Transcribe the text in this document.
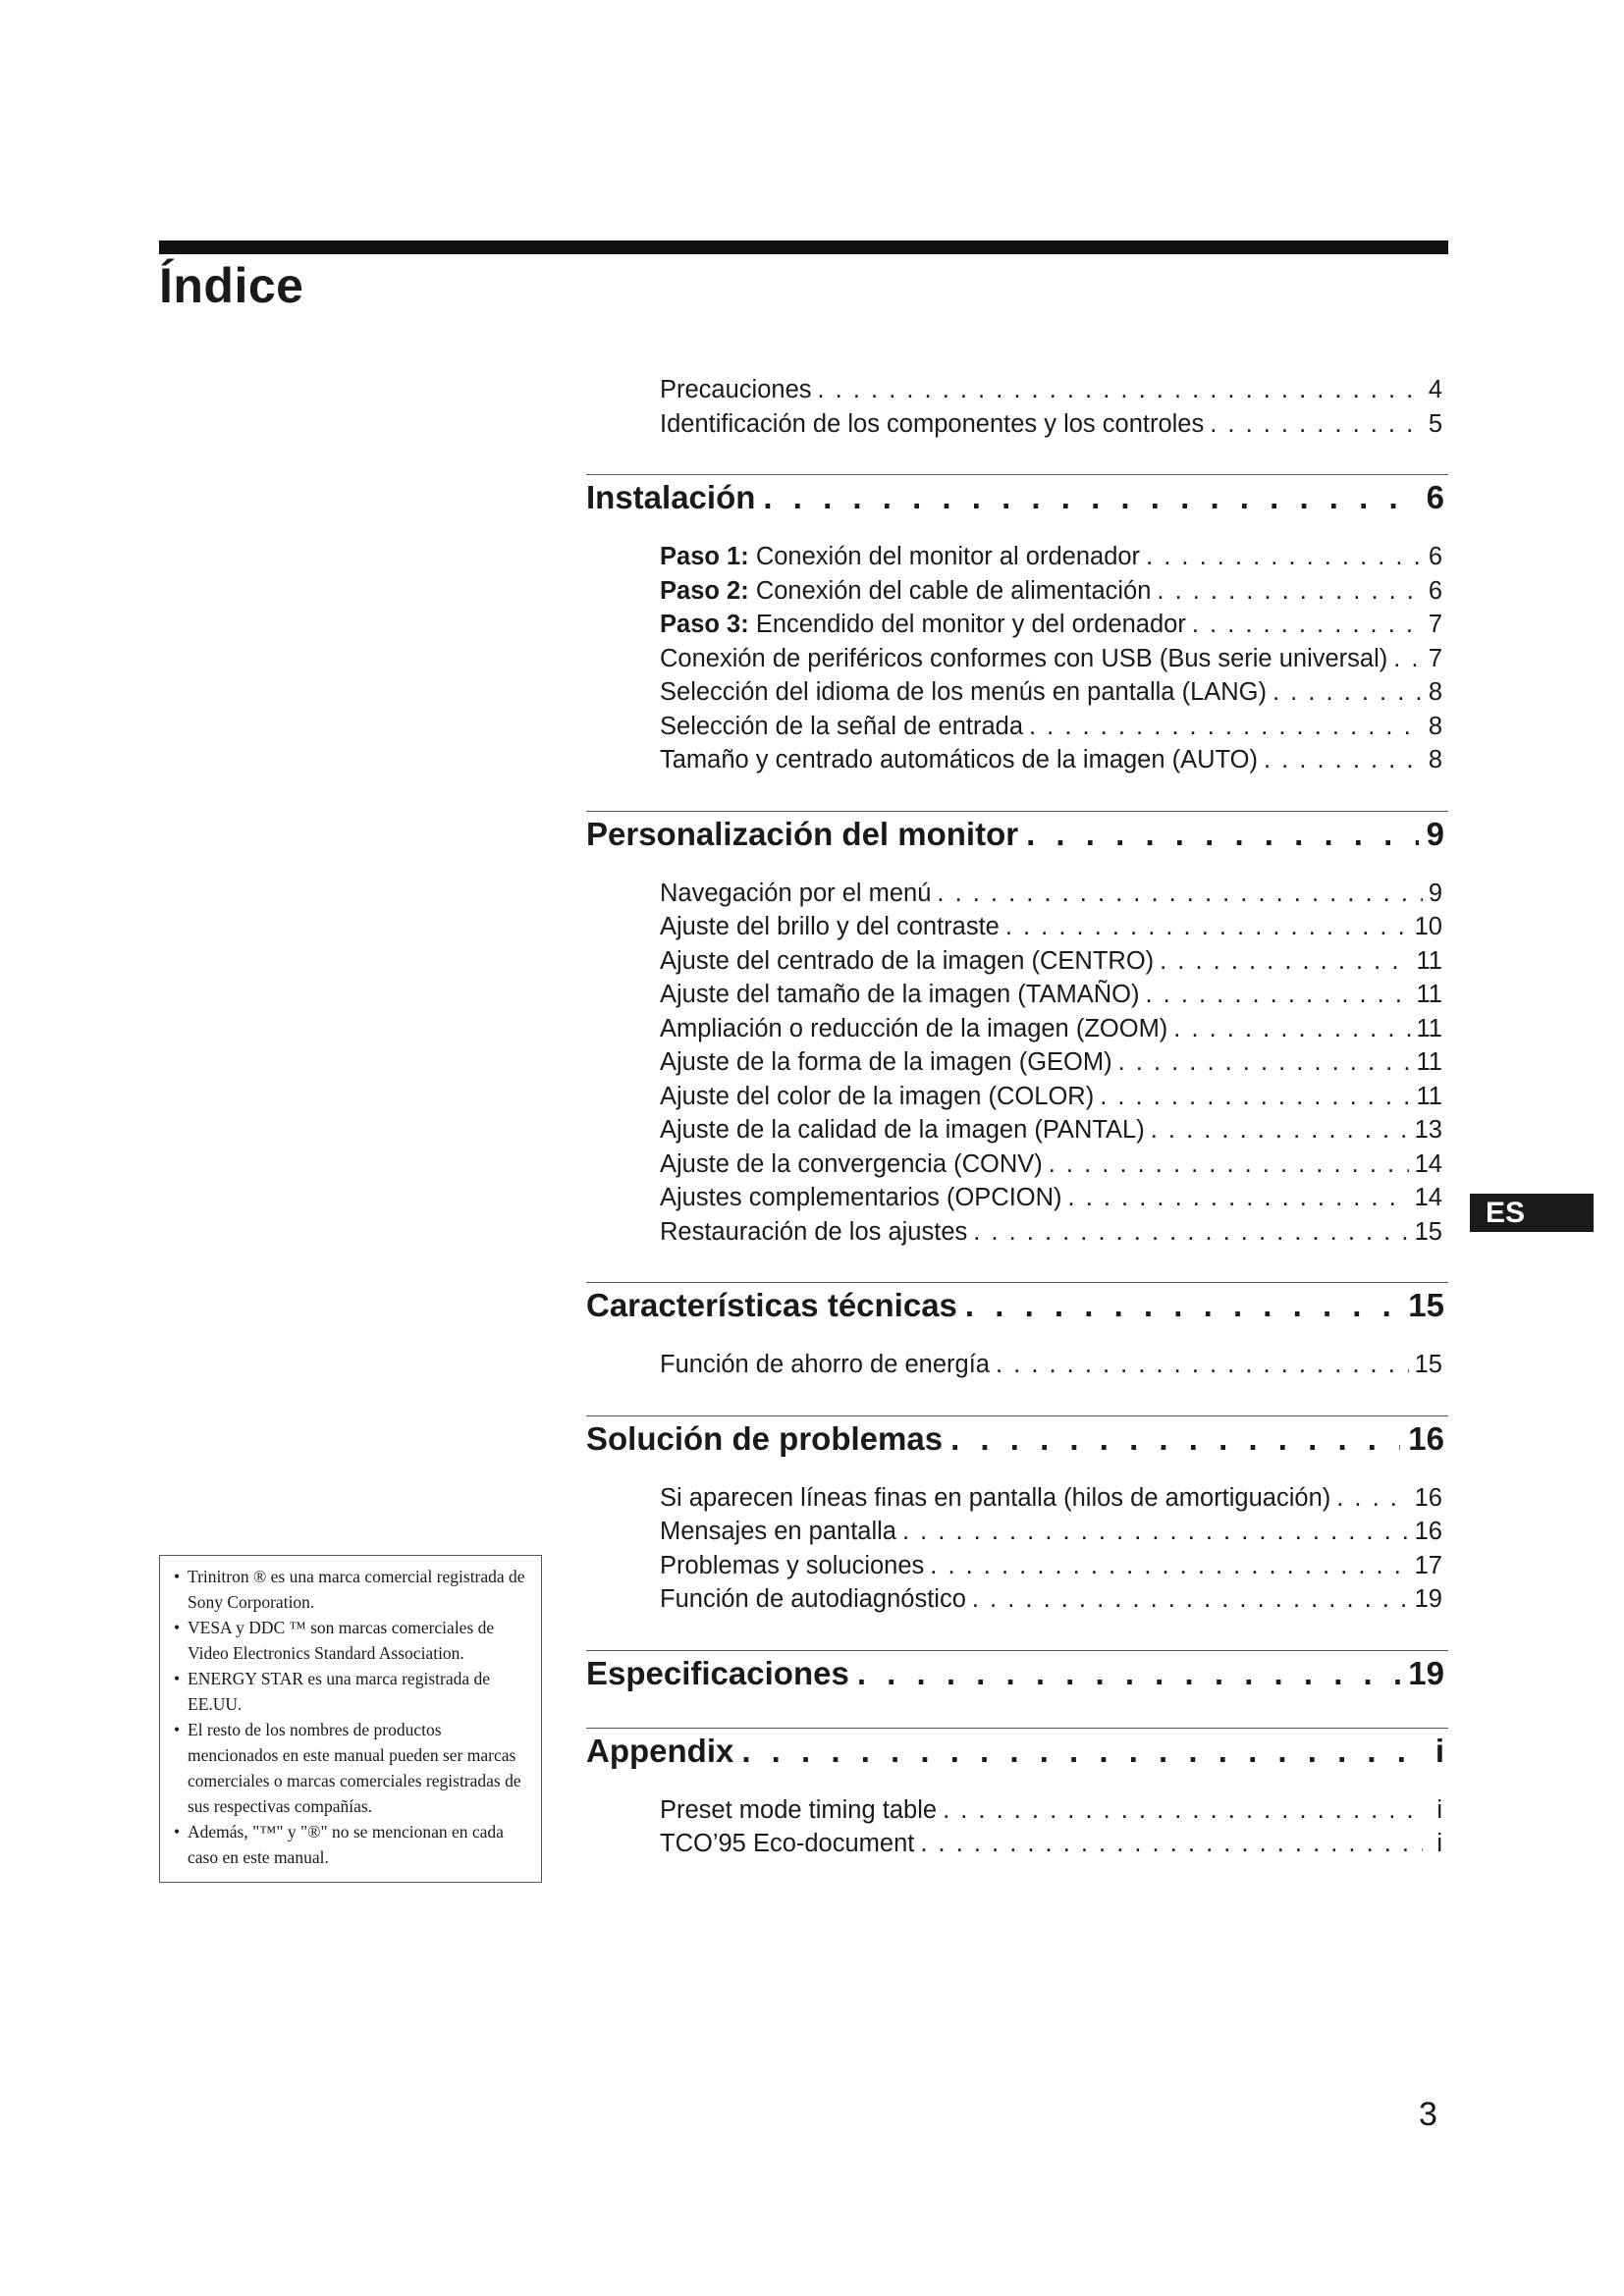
Índice
Precauciones . . .	4
Identificación de los componentes y los controles . . .	5
Instalación . . .	6
Paso 1: Conexión del monitor al ordenador . . .	6
Paso 2: Conexión del cable de alimentación . . .	6
Paso 3: Encendido del monitor y del ordenador . . .	7
Conexión de periféricos conformes con USB (Bus serie universal) . . . 7
Selección del idioma de los menús en pantalla (LANG) . . .	8
Selección de la señal de entrada . . .	8
Tamaño y centrado automáticos de la imagen (AUTO) . . .	8
Personalización del monitor . . .	9
Navegación por el menú . . .	9
Ajuste del brillo y del contraste . . .	10
Ajuste del centrado de la imagen (CENTRO) . . .	11
Ajuste del tamaño de la imagen (TAMAÑO) . . .	11
Ampliación o reducción de la imagen (ZOOM) . . .	11
Ajuste de la forma de la imagen (GEOM) . . .	11
Ajuste del color de la imagen (COLOR) . . .	11
Ajuste de la calidad de la imagen (PANTAL) . . .	13
Ajuste de la convergencia (CONV) . . .	14
Ajustes complementarios (OPCION) . . .	14
Restauración de los ajustes . . .	15
Características técnicas . . .	15
Función de ahorro de energía . . .	15
Solución de problemas . . .	16
Si aparecen líneas finas en pantalla (hilos de amortiguación) . . .	16
Mensajes en pantalla . . .	16
Problemas y soluciones . . .	17
Función de autodiagnóstico . . .	19
Especificaciones . . .	19
Appendix . . .	i
Preset mode timing table . . .	i
TCO’95 Eco-document . . .	i
• Trinitron ® es una marca comercial registrada de Sony Corporation.
• VESA y DDC ™ son marcas comerciales de Video Electronics Standard Association.
• ENERGY STAR es una marca registrada de EE.UU.
• El resto de los nombres de productos mencionados en este manual pueden ser marcas comerciales o marcas comerciales registradas de sus respectivas compañías.
• Además, "™" y "®" no se mencionan en cada caso en este manual.
ES
3
